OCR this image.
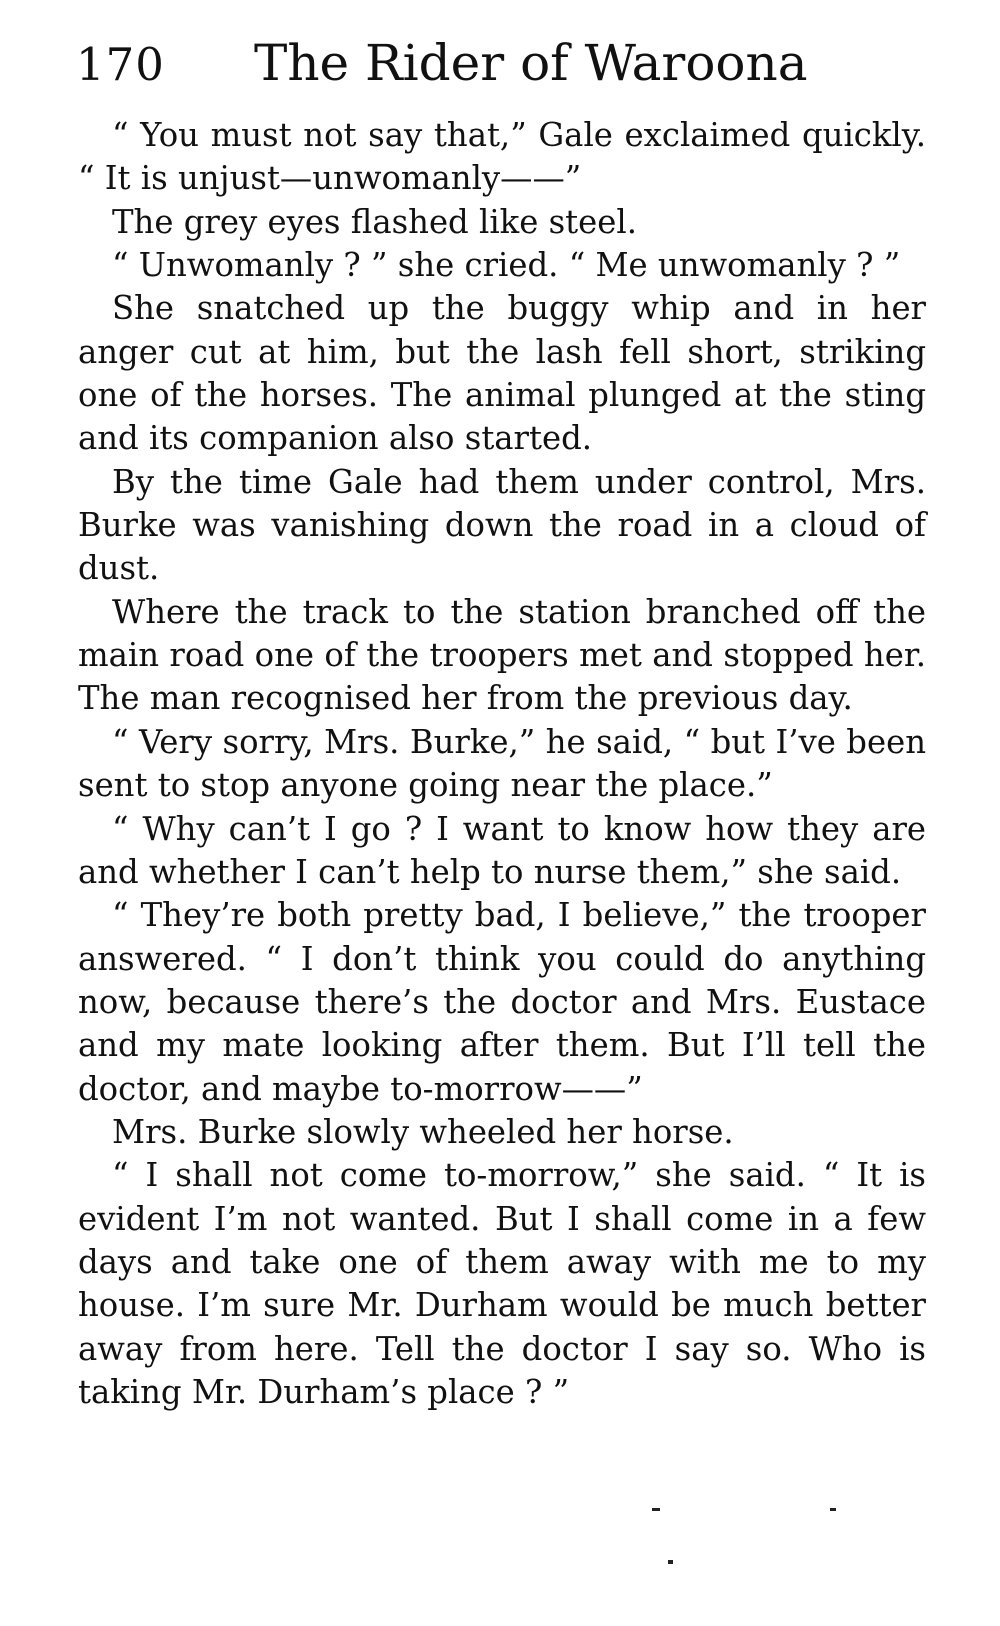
170 The Rider of Waroona

“ You must not say that,” Gale exclaimed quickly. “ It is unjust—unwomanly——”

The grey eyes flashed like steel.

“ Unwomanly ? ” she cried. “ Me unwomanly ? ”

She snatched up the buggy whip and in her anger cut at him, but the lash fell short, striking one of the horses. The animal plunged at the sting and its companion also started.

By the time Gale had them under control, Mrs. Burke was vanishing down the road in a cloud of dust.

Where the track to the station branched off the main road one of the troopers met and stopped her. The man recognised her from the previous day.

“ Very sorry, Mrs. Burke,” he said, “ but I’ve been sent to stop anyone going near the place.”

“ Why can’t I go ? I want to know how they are and whether I can’t help to nurse them,” she said.

“ They’re both pretty bad, I believe,” the trooper answered. “ I don’t think you could do anything now, because there’s the doctor and Mrs. Eustace and my mate looking after them. But I’ll tell the doctor, and maybe to-morrow——”

Mrs. Burke slowly wheeled her horse.

“ I shall not come to-morrow,” she said. “ It is evident I’m not wanted. But I shall come in a few days and take one of them away with me to my house. I’m sure Mr. Durham would be much better away from here. Tell the doctor I say so. Who is taking Mr. Durham’s place ? ”
